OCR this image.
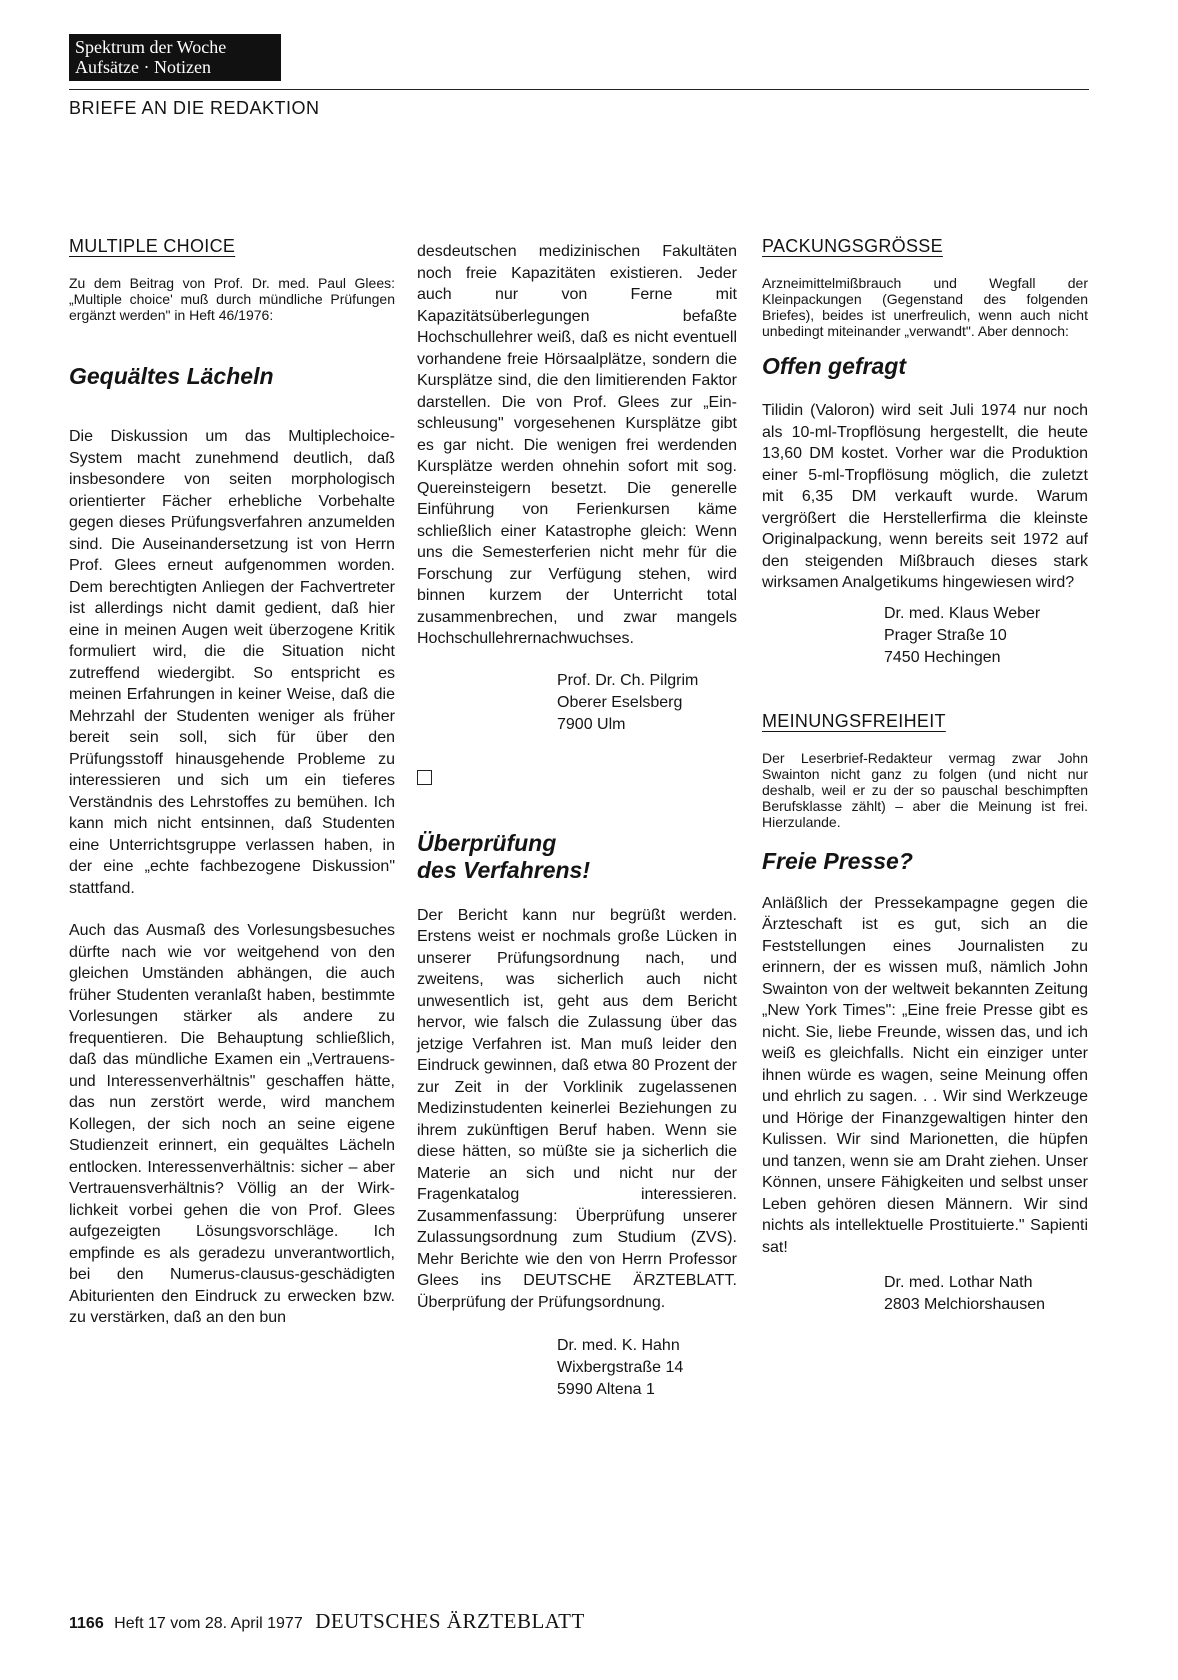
Spektrum der Woche
Aufsätze · Notizen
BRIEFE AN DIE REDAKTION

MULTIPLE CHOICE

Zu dem Beitrag von Prof. Dr. med. Paul Glees: „Multiple choice' muß durch mündliche Prüfungen ergänzt werden" in Heft 46/1976:

Gequältes Lächeln

Die Diskussion um das Multiplechoice-System macht zunehmend deutlich, daß insbesondere von seiten morphologisch orientierter Fächer erhebliche Vorbehalte gegen dieses Prüfungsverfahren anzumelden sind. Die Auseinandersetzung ist von Herrn Prof. Glees erneut aufgenommen worden. Dem berechtigten Anliegen der Fachvertreter ist allerdings nicht damit gedient, daß hier eine in meinen Augen weit überzogene Kritik formuliert wird, die die Situation nicht zutreffend wiedergibt. So entspricht es meinen Erfahrungen in keiner Weise, daß die Mehrzahl der Studenten weniger als früher bereit sein soll, sich für über den Prüfungsstoff hinausgehende Probleme zu interessieren und sich um ein tieferes Verständnis des Lehrstoffes zu bemühen. Ich kann mich nicht entsinnen, daß Studenten eine Unterrichtsgruppe verlassen haben, in der eine „echte fachbezogene Diskussion" stattfand.

Auch das Ausmaß des Vorlesungsbesuches dürfte nach wie vor weitgehend von den gleichen Umständen abhängen, die auch früher Studenten veranlaßt haben, bestimmte Vorlesungen stärker als andere zu frequentieren. Die Behauptung schließlich, daß das mündliche Examen ein „Vertrauens- und Interessenverhältnis" geschaffen hätte, das nun zerstört werde, wird manchem Kollegen, der sich noch an seine eigene Studienzeit erinnert, ein gequältes Lächeln entlocken. Interessenverhältnis: sicher – aber Vertrauensverhältnis? Völlig an der Wirklichkeit vorbei gehen die von Prof. Glees aufgezeigten Lösungsvorschläge. Ich empfinde es als geradezu unverantwortlich, bei den Numerus-clausus-geschädigten Abiturienten den Eindruck zu erwecken bzw. zu verstärken, daß an den bun

desdeutschen medizinischen Fakultäten noch freie Kapazitäten existieren. Jeder auch nur von Ferne mit Kapazitätsüberlegungen befaßte Hochschullehrer weiß, daß es nicht eventuell vorhandene freie Hörsaalplätze, sondern die Kursplätze sind, die den limitierenden Faktor darstellen. Die von Prof. Glees zur „Einschleusung" vorgesehenen Kursplätze gibt es gar nicht. Die wenigen frei werdenden Kursplätze werden ohnehin sofort mit sog. Quereinsteigern besetzt. Die generelle Einführung von Ferienkursen käme schließlich einer Katastrophe gleich: Wenn uns die Semesterferien nicht mehr für die Forschung zur Verfügung stehen, wird binnen kurzem der Unterricht total zusammenbrechen, und zwar mangels Hochschullehrernachwuchses.

Prof. Dr. Ch. Pilgrim
Oberer Eselsberg
7900 Ulm

Überprüfung
des Verfahrens!

Der Bericht kann nur begrüßt werden. Erstens weist er nochmals große Lücken in unserer Prüfungsordnung nach, und zweitens, was sicherlich auch nicht unwesentlich ist, geht aus dem Bericht hervor, wie falsch die Zulassung über das jetzige Verfahren ist. Man muß leider den Eindruck gewinnen, daß etwa 80 Prozent der zur Zeit in der Vorklinik zugelassenen Medizinstudenten keinerlei Beziehungen zu ihrem zukünftigen Beruf haben. Wenn sie diese hätten, so müßte sie ja sicherlich die Materie an sich und nicht nur der Fragenkatalog interessieren. Zusammenfassung: Überprüfung unserer Zulassungsordnung zum Studium (ZVS). Mehr Berichte wie den von Herrn Professor Glees ins DEUTSCHE ÄRZTEBLATT. Überprüfung der Prüfungsordnung.

Dr. med. K. Hahn
Wixbergstraße 14
5990 Altena 1

PACKUNGSGRÖSSE

Arzneimittelmißbrauch und Wegfall der Kleinpackungen (Gegenstand des folgenden Briefes), beides ist unerfreulich, wenn auch nicht unbedingt miteinander „verwandt". Aber dennoch:

Offen gefragt

Tilidin (Valoron) wird seit Juli 1974 nur noch als 10-ml-Tropflösung hergestellt, die heute 13,60 DM kostet. Vorher war die Produktion einer 5-ml-Tropflösung möglich, die zuletzt mit 6,35 DM verkauft wurde. Warum vergrößert die Herstellerfirma die kleinste Originalpackung, wenn bereits seit 1972 auf den steigenden Mißbrauch dieses stark wirksamen Analgetikums hingewiesen wird?

Dr. med. Klaus Weber
Prager Straße 10
7450 Hechingen

MEINUNGSFREIHEIT

Der Leserbrief-Redakteur vermag zwar John Swainton nicht ganz zu folgen (und nicht nur deshalb, weil er zu der so pauschal beschimpften Berufsklasse zählt) – aber die Meinung ist frei. Hierzulande.

Freie Presse?

Anläßlich der Pressekampagne gegen die Ärzteschaft ist es gut, sich an die Feststellungen eines Journalisten zu erinnern, der es wissen muß, nämlich John Swainton von der weltweit bekannten Zeitung „New York Times": „Eine freie Presse gibt es nicht. Sie, liebe Freunde, wissen das, und ich weiß es gleichfalls. Nicht ein einziger unter ihnen würde es wagen, seine Meinung offen und ehrlich zu sagen. . . Wir sind Werkzeuge und Hörige der Finanzgewaltigen hinter den Kulissen. Wir sind Marionetten, die hüpfen und tanzen, wenn sie am Draht ziehen. Unser Können, unsere Fähigkeiten und selbst unser Leben gehören diesen Männern. Wir sind nichts als intellektuelle Prostituierte." Sapienti sat!

Dr. med. Lothar Nath
2803 Melchiorshausen
1166 Heft 17 vom 28. April 1977 DEUTSCHES ÄRZTEBLATT
